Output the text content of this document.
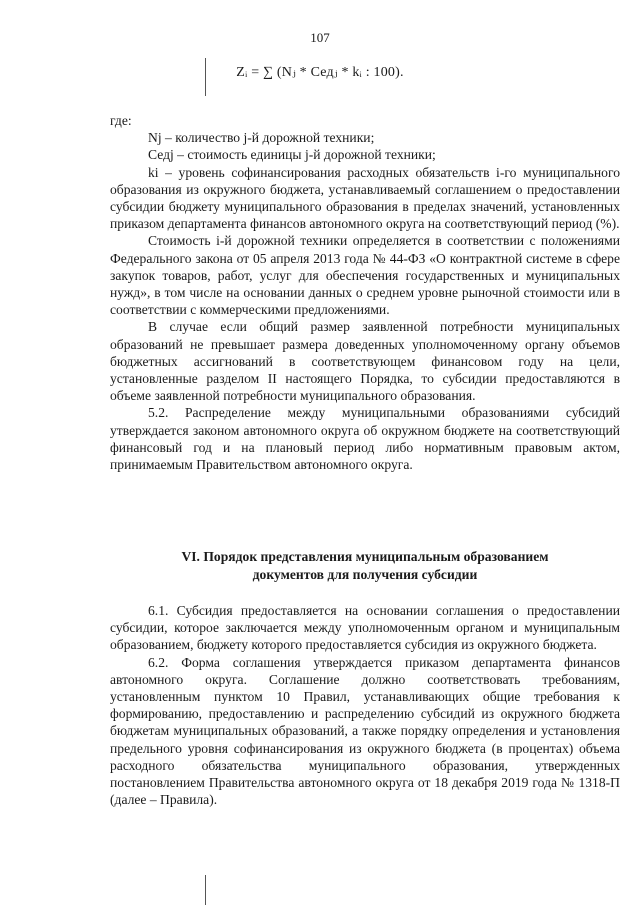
107
Zᵢ = ∑ (Nⱼ * Седⱼ * kᵢ : 100).

где:

Nj – количество j-й дорожной техники;

Седj – стоимость единицы j-й дорожной техники;

ki – уровень софинансирования расходных обязательств i-го муниципального образования из окружного бюджета, устанавливаемый соглашением о предоставлении субсидии бюджету муниципального образования в пределах значений, установленных приказом департамента финансов автономного округа на соответствующий период (%).

Стоимость i-й дорожной техники определяется в соответствии с положениями Федерального закона от 05 апреля 2013 года № 44-ФЗ «О контрактной системе в сфере закупок товаров, работ, услуг для обеспечения государственных и муниципальных нужд», в том числе на основании данных о среднем уровне рыночной стоимости или в соответствии с коммерческими предложениями.

В случае если общий размер заявленной потребности муниципальных образований не превышает размера доведенных уполномоченному органу объемов бюджетных ассигнований в соответствующем финансовом году на цели, установленные разделом II настоящего Порядка, то субсидии предоставляются в объеме заявленной потребности муниципального образования.

5.2. Распределение между муниципальными образованиями субсидий утверждается законом автономного округа об окружном бюджете на соответствующий финансовый год и на плановый период либо нормативным правовым актом, принимаемым Правительством автономного округа.

VI. Порядок представления муниципальным образованием
документов для получения субсидии

6.1. Субсидия предоставляется на основании соглашения о предоставлении субсидии, которое заключается между уполномоченным органом и муниципальным образованием, бюджету которого предоставляется субсидия из окружного бюджета.

6.2. Форма соглашения утверждается приказом департамента финансов автономного округа. Соглашение должно соответствовать требованиям, установленным пунктом 10 Правил, устанавливающих общие требования к формированию, предоставлению и распределению субсидий из окружного бюджета бюджетам муниципальных образований, а также порядку определения и установления предельного уровня софинансирования из окружного бюджета (в процентах) объема расходного обязательства муниципального образования, утвержденных постановлением Правительства автономного округа от 18 декабря 2019 года № 1318-П (далее – Правила).
